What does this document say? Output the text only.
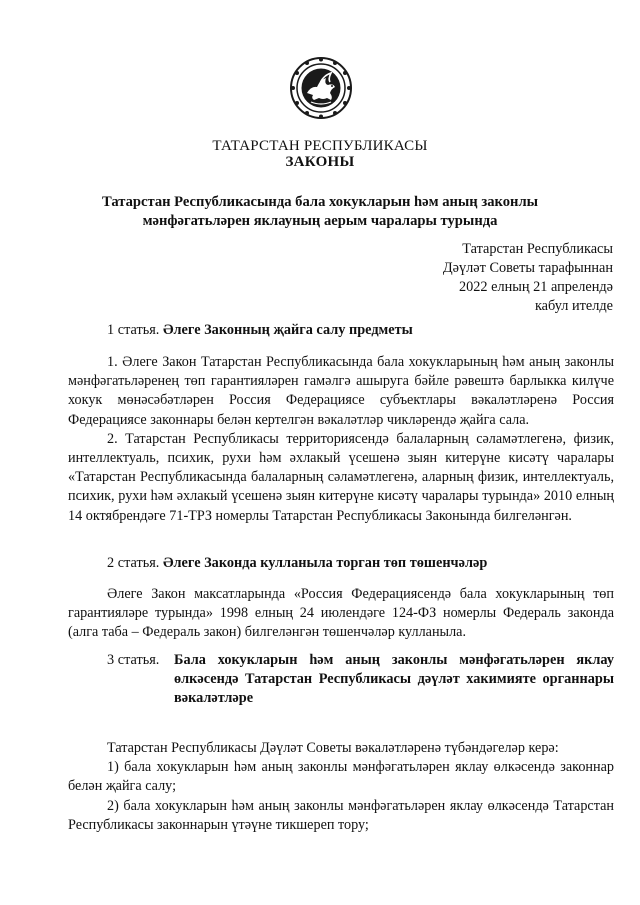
ТАТАРСТАН РЕСПУБЛИКАСЫ
ЗАКОНЫ
Татарстан Республикасында бала хокукларын һәм аның законлы
мәнфәгатьләрен яклауның аерым чаралары турында
Татарстан Республикасы
Дәүләт Советы тарафыннан
2022 елның 21 апрелендә
кабул ителде
1 статья. Әлеге Законның җайга салу предметы

1. Әлеге Закон Татарстан Республикасында бала хокукларының һәм аның законлы мәнфәгатьләренең төп гарантияләрен гамәлгә ашыруга бәйле рәвештә барлыкка килүче хокук мөнәсәбәтләрен Россия Федерациясе субъектлары вәкаләтләренә Россия Федерациясе законнары белән кертелгән вәкаләтләр чикләрендә җайга сала.

2. Татарстан Республикасы территориясендә балаларның сәламәтлегенә, физик, интеллектуаль, психик, рухи һәм әхлакый үсешенә зыян китерүне кисәтү чаралары «Татарстан Республикасында балаларның сәламәтлегенә, аларның физик, интеллектуаль, психик, рухи һәм әхлакый үсешенә зыян китерүне кисәтү чаралары турында» 2010 елның 14 октябрендәге 71-ТРЗ номерлы Татарстан Республикасы Законында билгеләнгән.

2 статья. Әлеге Законда кулланыла торган төп төшенчәләр

Әлеге Закон максатларында «Россия Федерациясендә бала хокукларының төп гарантияләре турында» 1998 елның 24 июлендәге 124-ФЗ номерлы Федераль законда (алга таба – Федераль закон) билгеләнгән төшенчәләр кулланыла.

3 статья. Бала хокукларын һәм аның законлы мәнфәгатьләрен яклау өлкәсендә Татарстан Республикасы дәүләт хакимияте органнары вәкаләтләре

Татарстан Республикасы Дәүләт Советы вәкаләтләренә түбәндәгеләр керә:

1) бала хокукларын һәм аның законлы мәнфәгатьләрен яклау өлкәсендә законнар белән җайга салу;

2) бала хокукларын һәм аның законлы мәнфәгатьләрен яклау өлкәсендә Татарстан Республикасы законнарын үтәүне тикшереп тору;
